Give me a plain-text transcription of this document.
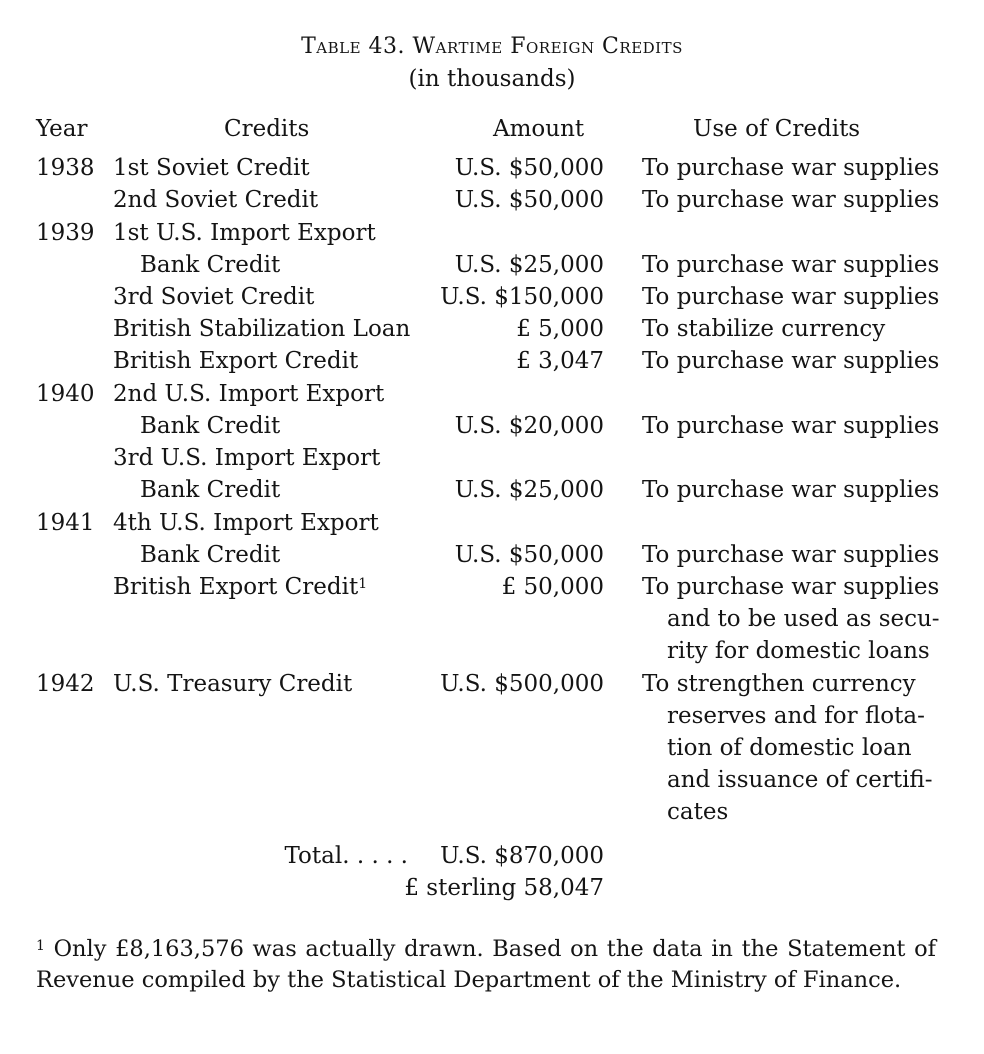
Table 43. Wartime Foreign Credits
(in thousands)
Year	Credits	Amount	Use of Credits
1938 1st Soviet Credit	U.S. $50,000 To purchase war supplies
2nd Soviet Credit	U.S. $50,000 To purchase war supplies
1939 1st U.S. Import Export
Bank Credit	U.S. $25,000 To purchase war supplies
3rd Soviet Credit	U.S. $150,000 To purchase war supplies
British Stabilization Loan	£ 5,000 To stabilize currency
British Export Credit	£ 3,047 To purchase war supplies
1940 2nd U.S. Import Export
Bank Credit	U.S. $20,000 To purchase war supplies
3rd U.S. Import Export
Bank Credit	U.S. $25,000 To purchase war supplies
1941 4th U.S. Import Export
Bank Credit	U.S. $50,000 To purchase war supplies
British Export Credit$^1$	£ 50,000 To purchase war supplies
and to be used as secu-
rity for domestic loans
1942 U.S. Treasury Credit	U.S. $500,000 To strengthen currency
reserves and for flota-
tion of domestic loan
and issuance of certifi-
cates
Total. . . . . U.S. $870,000
£ sterling 58,047
$^1$ Only £8,163,576 was actually drawn. Based on the data in the Statement of Revenue compiled by the Statistical Department of the Ministry of Finance.
